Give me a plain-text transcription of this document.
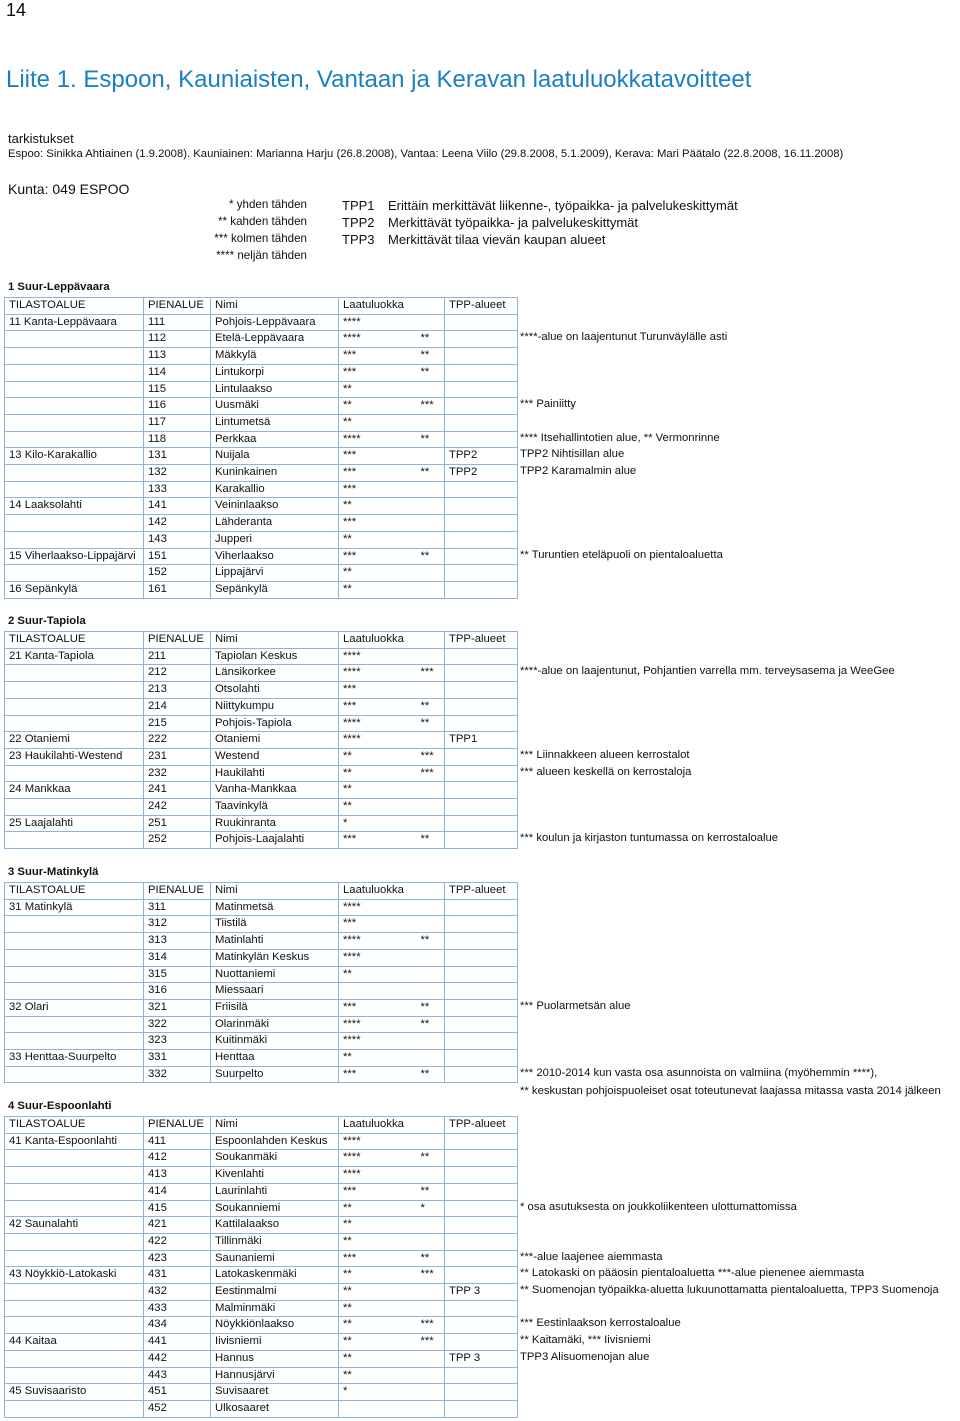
14
Liite 1. Espoon, Kauniaisten, Vantaan ja Keravan laatuluokkatavoitteet
tarkistukset
Espoo: Sinikka Ahtiainen (1.9.2008). Kauniainen: Marianna Harju (26.8.2008), Vantaa: Leena Viilo (29.8.2008, 5.1.2009), Kerava: Mari Päätalo (22.8.2008, 16.11.2008)
Kunta: 049 ESPOO
* yhden tähden
** kahden tähden
*** kolmen tähden
**** neljän tähden
TPP1 Erittäin merkittävät liikenne-, työpaikka- ja palvelukeskittymät
TPP2 Merkittävät työpaikka- ja palvelukeskittymät
TPP3 Merkittävät tilaa vievän kaupan alueet
1 Suur-Leppävaara
****-alue on laajentunut Turunväylälle asti
*** Painiitty
**** Itsehallintotien alue, ** Vermonrinne
TPP2 Nihtisillan alue
TPP2 Karamalmin alue
** Turuntien eteläpuoli on pientaloaluetta
TILASTOALUE	PIENALUE	Nimi	Laatuluokka		TPP-alueet
11 Kanta-Leppävaara	111	Pohjois-Leppävaara	****		
	112	Etelä-Leppävaara	****	**	
	113	Mäkkylä	***	**	
	114	Lintukorpi	***	**	
	115	Lintulaakso	**		
	116	Uusmäki	**	***	
	117	Lintumetsä	**		
	118	Perkkaa	****	**	
13 Kilo-Karakallio	131	Nuijala	***		TPP2
	132	Kuninkainen	***	**	TPP2
	133	Karakallio	***		
14 Laaksolahti	141	Veininlaakso	**		
	142	Lähderanta	***		
	143	Jupperi	**		
15 Viherlaakso-Lippajärvi	151	Viherlaakso	***	**	
	152	Lippajärvi	**		
16 Sepänkylä	161	Sepänkylä	**		
2 Suur-Tapiola
****-alue on laajentunut, Pohjantien varrella mm. terveysasema ja WeeGee
*** Liinnakkeen alueen kerrostalot
*** alueen keskellä on kerrostaloja
*** koulun ja kirjaston tuntumassa on kerrostaloalue
TILASTOALUE	PIENALUE	Nimi	Laatuluokka		TPP-alueet
21 Kanta-Tapiola	211	Tapiolan Keskus	****		
	212	Länsikorkee	****	***	
	213	Otsolahti	***		
	214	Niittykumpu	***	**	
	215	Pohjois-Tapiola	****	**	
22 Otaniemi	222	Otaniemi	****		TPP1
23 Haukilahti-Westend	231	Westend	**	***	
	232	Haukilahti	**	***	
24 Mankkaa	241	Vanha-Mankkaa	**		
	242	Taavinkylä	**		
25 Laajalahti	251	Ruukinranta	*		
	252	Pohjois-Laajalahti	***	**	
3 Suur-Matinkylä
*** Puolarmetsän alue
*** 2010-2014 kun vasta osa asunnoista on valmiina (myöhemmin ****),
TILASTOALUE	PIENALUE	Nimi	Laatuluokka		TPP-alueet
31 Matinkylä	311	Matinmetsä	****		
	312	Tiistilä	***		
	313	Matinlahti	****	**	
	314	Matinkylän Keskus	****		
	315	Nuottaniemi	**		
	316	Miessaari			
32 Olari	321	Friisilä	***	**	
	322	Olarinmäki	****	**	
	323	Kuitinmäki	****		
33 Henttaa-Suurpelto	331	Henttaa	**		
	332	Suurpelto	***	**	
4 Suur-Espoonlahti
* osa asutuksesta on joukkoliikenteen ulottumattomissa
***-alue laajenee aiemmasta
** Latokaski on pääosin pientaloaluetta ***-alue pienenee aiemmasta
** Suomenojan työpaikka-aluetta lukuunottamatta pientaloaluetta, TPP3 Suomenoja
*** Eestinlaakson kerrostaloalue
** Kaitamäki, *** Iivisniemi
TPP3 Alisuomenojan alue
TILASTOALUE	PIENALUE	Nimi	Laatuluokka		TPP-alueet
41 Kanta-Espoonlahti	411	Espoonlahden Keskus	****		
	412	Soukanmäki	****	**	
	413	Kivenlahti	****		
	414	Laurinlahti	***	**	
	415	Soukanniemi	**	*	
42 Saunalahti	421	Kattilalaakso	**		
	422	Tillinmäki	**		
	423	Saunaniemi	***	**	
43 Nöykkiö-Latokaski	431	Latokaskenmäki	**	***	
	432	Eestinmalmi	**		TPP 3
	433	Malminmäki	**		
	434	Nöykkiönlaakso	**	***	
44 Kaitaa	441	Iivisniemi	**	***	
	442	Hannus	**		TPP 3
	443	Hannusjärvi	**		
45 Suvisaaristo	451	Suvisaaret	*		
	452	Ulkosaaret			
** keskustan pohjoispuoleiset osat toteutunevat laajassa mitassa vasta 2014 jälkeen
